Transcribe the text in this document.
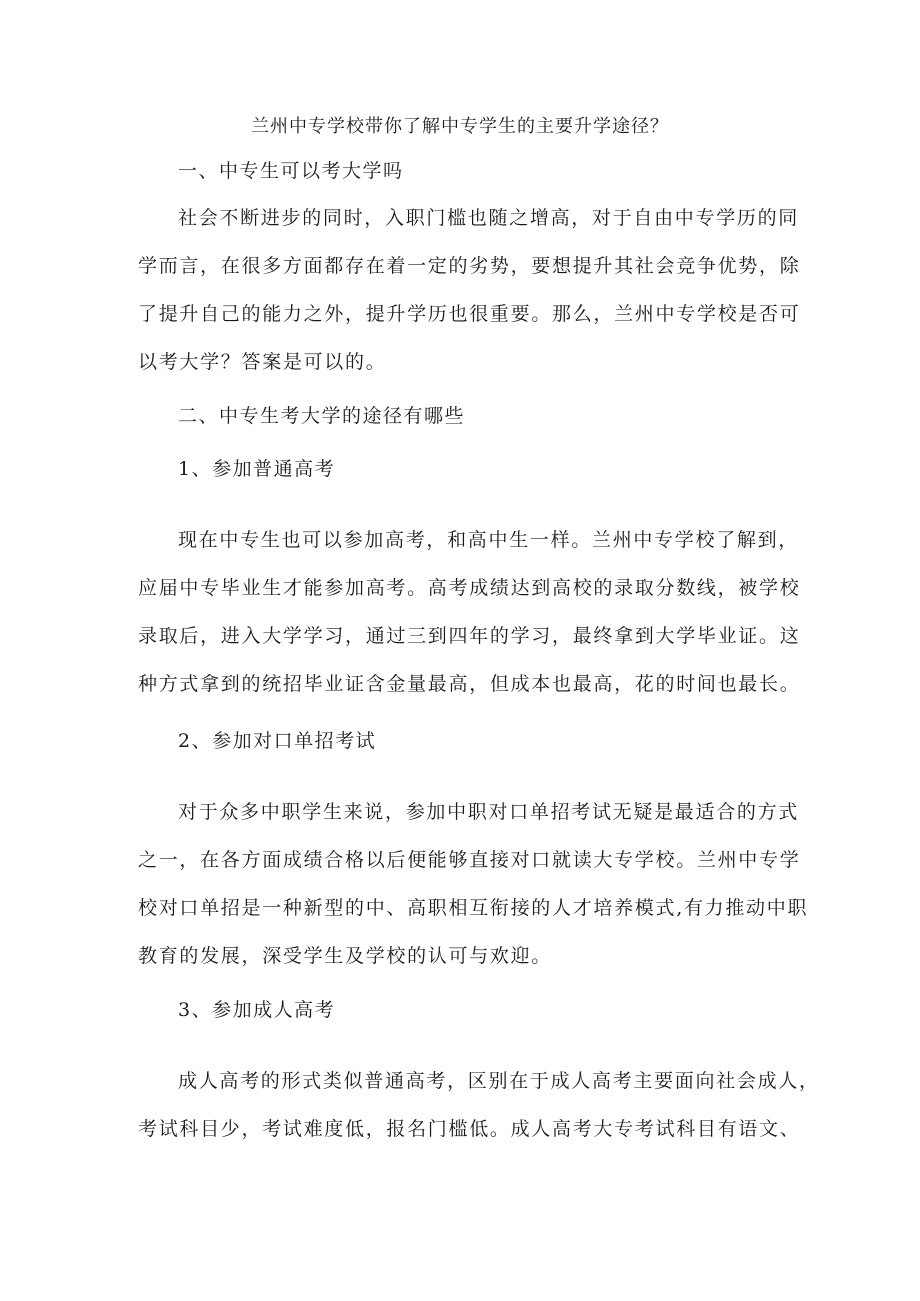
兰州中专学校带你了解中专学生的主要升学途径？
一、中专生可以考大学吗
社会不断进步的同时，入职门槛也随之增高，对于自由中专学历的同
学而言，在很多方面都存在着一定的劣势，要想提升其社会竞争优势，除
了提升自己的能力之外，提升学历也很重要。那么，兰州中专学校是否可
以考大学？答案是可以的。
二、中专生考大学的途径有哪些
1、参加普通高考
现在中专生也可以参加高考，和高中生一样。兰州中专学校了解到，
应届中专毕业生才能参加高考。高考成绩达到高校的录取分数线，被学校
录取后，进入大学学习，通过三到四年的学习，最终拿到大学毕业证。这
种方式拿到的统招毕业证含金量最高，但成本也最高，花的时间也最长。
2、参加对口单招考试
对于众多中职学生来说，参加中职对口单招考试无疑是最适合的方式
之一，在各方面成绩合格以后便能够直接对口就读大专学校。兰州中专学
校对口单招是一种新型的中、高职相互衔接的人才培养模式,有力推动中职
教育的发展，深受学生及学校的认可与欢迎。
3、参加成人高考
成人高考的形式类似普通高考，区别在于成人高考主要面向社会成人，
考试科目少，考试难度低，报名门槛低。成人高考大专考试科目有语文、
